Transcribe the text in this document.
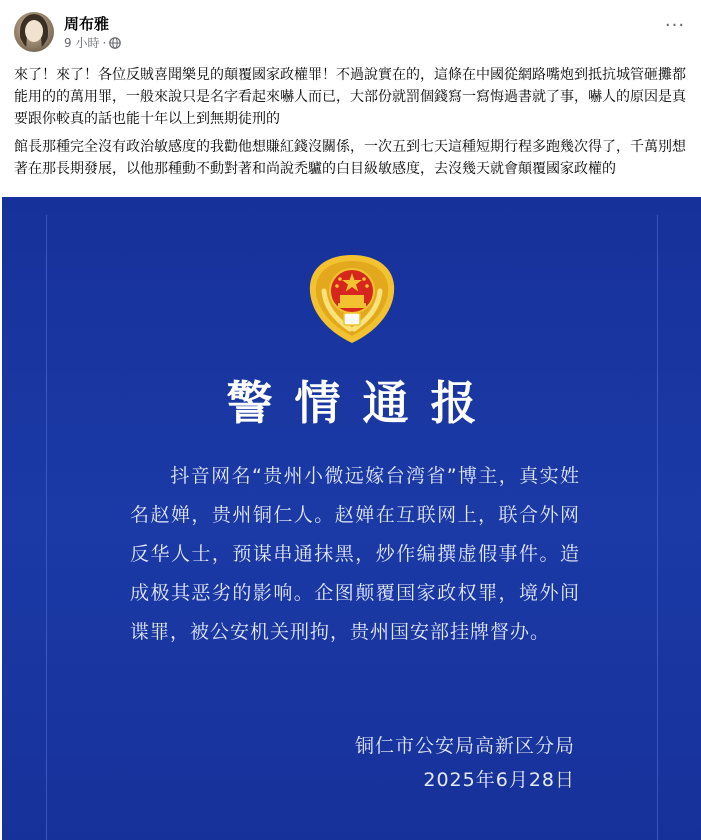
周布雅
9 小時 ·
···

來了！來了！各位反賊喜聞樂見的顛覆國家政權罪！不過說實在的，這條在中國從網路嘴炮到抵抗城管砸攤都能用的的萬用罪，一般來說只是名字看起來嚇人而已，大部份就罰個錢寫一寫悔過書就了事，嚇人的原因是真要跟你較真的話也能十年以上到無期徒刑的

館長那種完全沒有政治敏感度的我勸他想賺紅錢沒關係，一次五到七天這種短期行程多跑幾次得了，千萬別想著在那長期發展，以他那種動不動對著和尚說禿驢的白目級敏感度，去沒幾天就會顛覆國家政權的

警情通报
抖音网名“贵州小微远嫁台湾省”博主，真实姓名赵婵，贵州铜仁人。赵婵在互联网上，联合外网反华人士，预谋串通抹黑，炒作编撰虚假事件。造成极其恶劣的影响。企图颠覆国家政权罪，境外间谍罪，被公安机关刑拘，贵州国安部挂牌督办。
铜仁市公安局高新区分局
2025年6月28日
